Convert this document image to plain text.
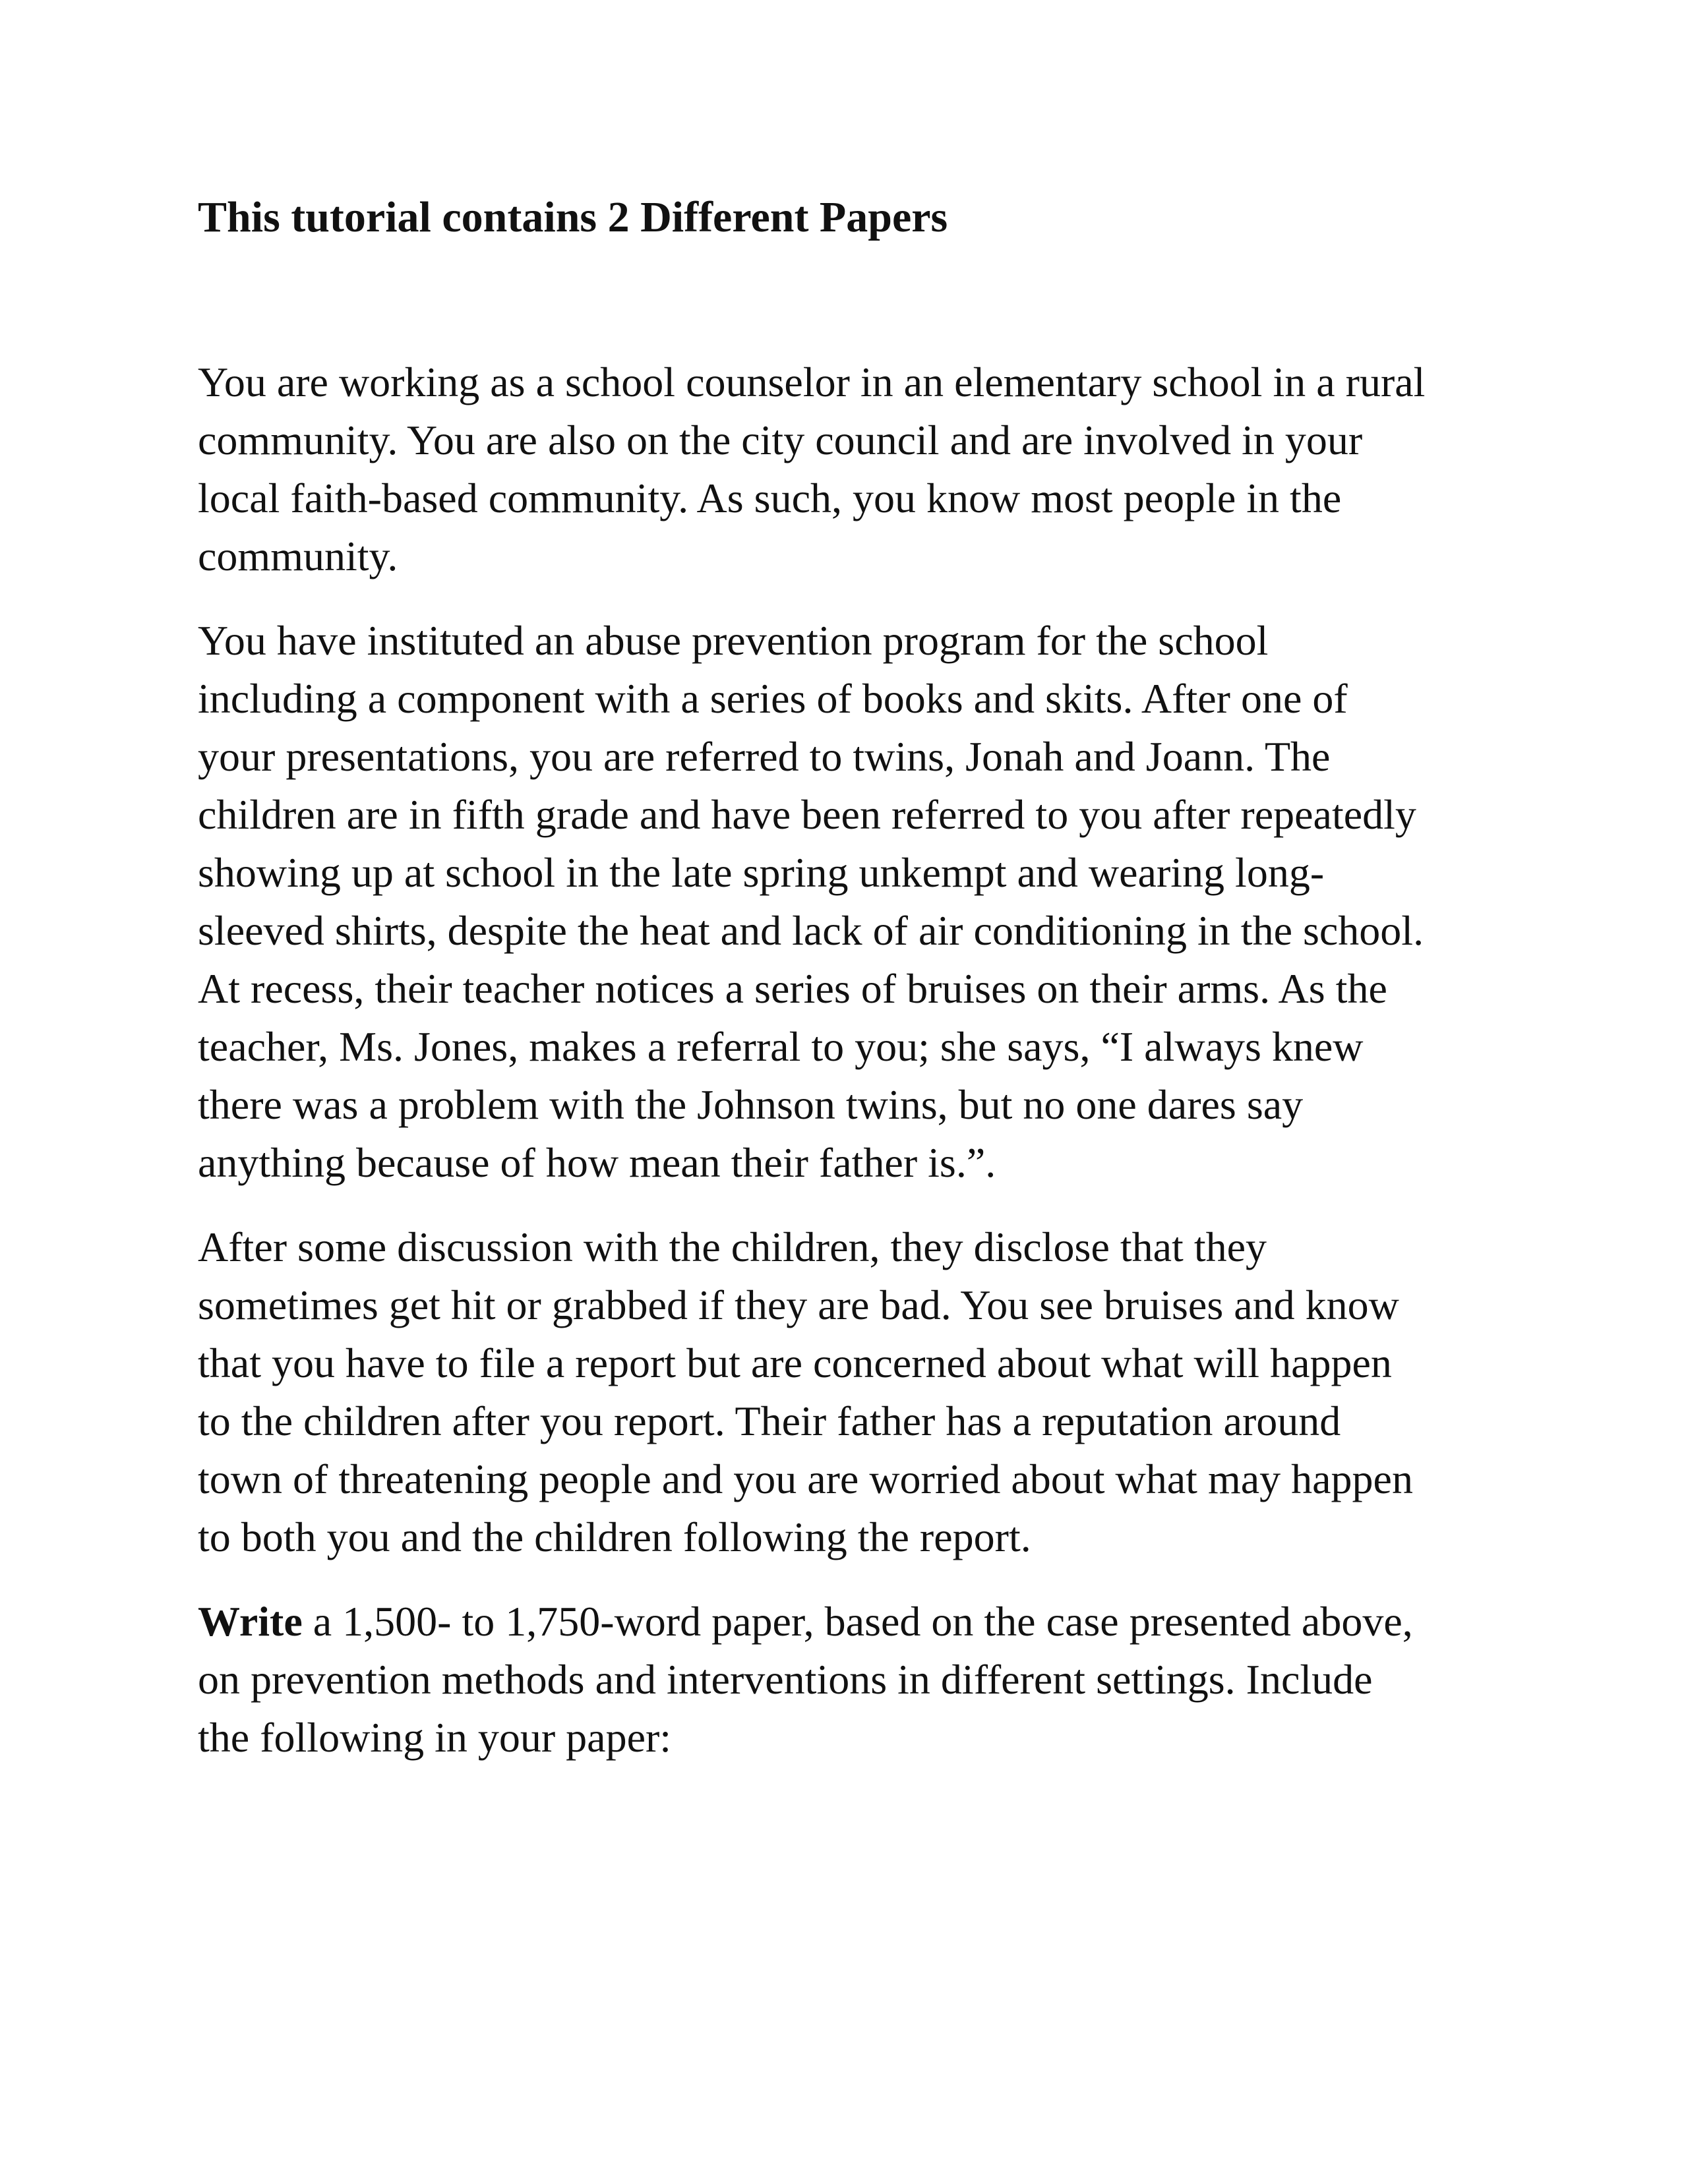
This tutorial contains 2 Different Papers

You are working as a school counselor in an elementary school in a rural
community. You are also on the city council and are involved in your
local faith-based community. As such, you know most people in the
community.

You have instituted an abuse prevention program for the school
including a component with a series of books and skits. After one of
your presentations, you are referred to twins, Jonah and Joann. The
children are in fifth grade and have been referred to you after repeatedly
showing up at school in the late spring unkempt and wearing long-
sleeved shirts, despite the heat and lack of air conditioning in the school.
At recess, their teacher notices a series of bruises on their arms. As the
teacher, Ms. Jones, makes a referral to you; she says, “I always knew
there was a problem with the Johnson twins, but no one dares say
anything because of how mean their father is.”.

After some discussion with the children, they disclose that they
sometimes get hit or grabbed if they are bad. You see bruises and know
that you have to file a report but are concerned about what will happen
to the children after you report. Their father has a reputation around
town of threatening people and you are worried about what may happen
to both you and the children following the report.

Write a 1,500- to 1,750-word paper, based on the case presented above,
on prevention methods and interventions in different settings. Include
the following in your paper:
